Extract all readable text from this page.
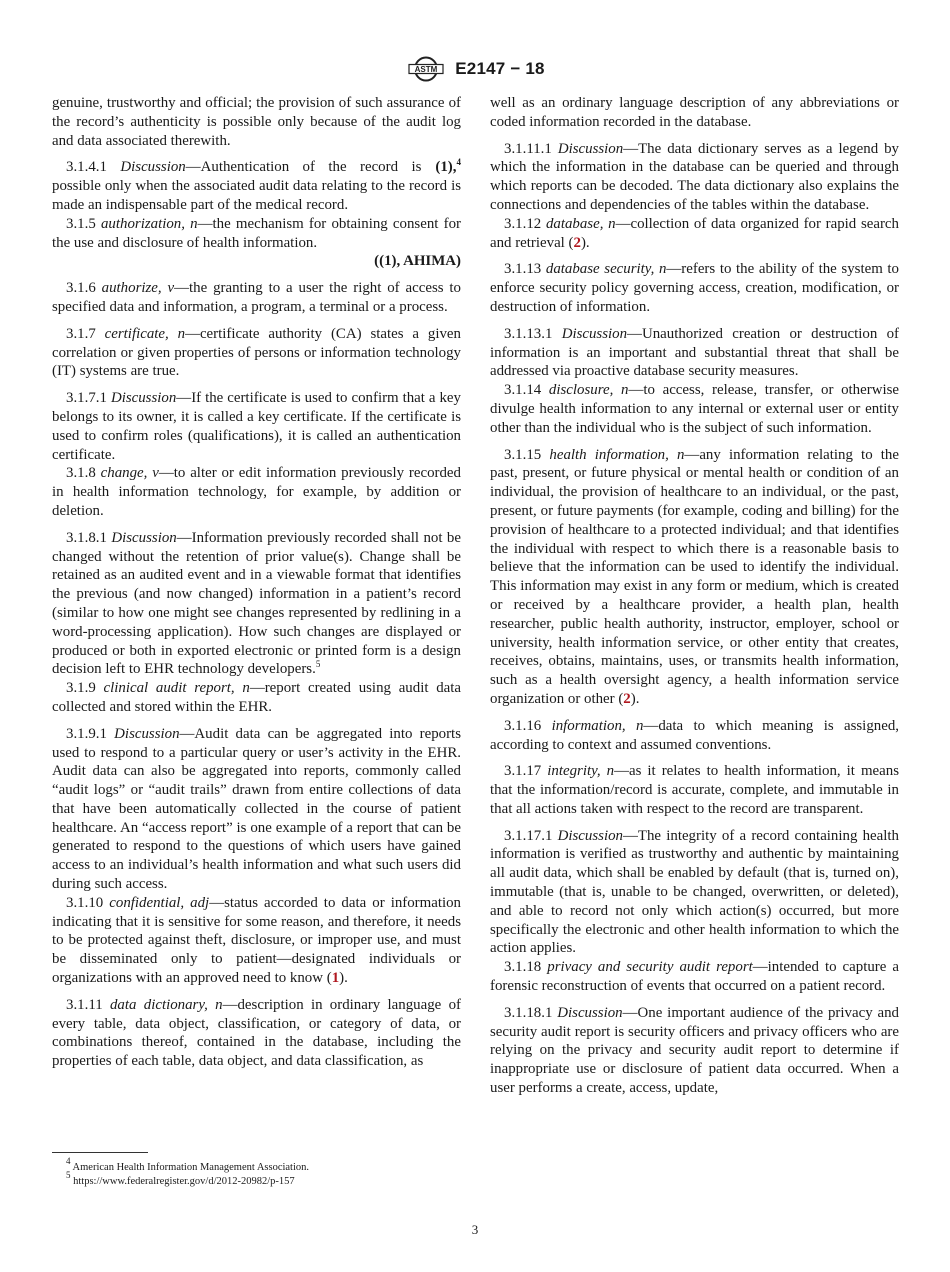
ASTM E2147 − 18

genuine, trustworthy and official; the provision of such assurance of the record’s authenticity is possible only because of the audit log and data associated therewith.

(1),$^4$
3.1.4.1 Discussion—Authentication of the record is possible only when the associated audit data relating to the record is made an indispensable part of the medical record.

3.1.5 authorization, n—the mechanism for obtaining consent for the use and disclosure of health information.

((1), AHIMA)

3.1.6 authorize, v—the granting to a user the right of access to specified data and information, a program, a terminal or a process.

3.1.7 certificate, n—certificate authority (CA) states a given correlation or given properties of persons or information technology (IT) systems are true.

3.1.7.1 Discussion—If the certificate is used to confirm that a key belongs to its owner, it is called a key certificate. If the certificate is used to confirm roles (qualifications), it is called an authentication certificate.

3.1.8 change, v—to alter or edit information previously recorded in health information technology, for example, by addition or deletion.

3.1.8.1 Discussion—Information previously recorded shall not be changed without the retention of prior value(s). Change shall be retained as an audited event and in a viewable format that identifies the previous (and now changed) information in a patient’s record (similar to how one might see changes represented by redlining in a word-processing application). How such changes are displayed or produced or both in exported electronic or printed form is a design decision left to EHR technology developers.$^5$

3.1.9 clinical audit report, n—report created using audit data collected and stored within the EHR.

3.1.9.1 Discussion—Audit data can be aggregated into reports used to respond to a particular query or user’s activity in the EHR. Audit data can also be aggregated into reports, commonly called “audit logs” or “audit trails” drawn from entire collections of data that have been automatically collected in the course of patient healthcare. An “access report” is one example of a report that can be generated to respond to the questions of which users have gained access to an individual’s health information and what such users did during such access.

3.1.10 confidential, adj—status accorded to data or information indicating that it is sensitive for some reason, and therefore, it needs to be protected against theft, disclosure, or improper use, and must be disseminated only to patient—designated individuals or organizations with an approved need to know (1).

3.1.11 data dictionary, n—description in ordinary language of every table, data object, classification, or category of data, or combinations thereof, contained in the database, including the properties of each table, data object, and data classification, as

well as an ordinary language description of any abbreviations or coded information recorded in the database.

3.1.11.1 Discussion—The data dictionary serves as a legend by which the information in the database can be queried and through which reports can be decoded. The data dictionary also explains the connections and dependencies of the tables within the database.

3.1.12 database, n—collection of data organized for rapid search and retrieval (2).

3.1.13 database security, n—refers to the ability of the system to enforce security policy governing access, creation, modification, or destruction of information.

3.1.13.1 Discussion—Unauthorized creation or destruction of information is an important and substantial threat that shall be addressed via proactive database security measures.

3.1.14 disclosure, n—to access, release, transfer, or otherwise divulge health information to any internal or external user or entity other than the individual who is the subject of such information.

3.1.15 health information, n—any information relating to the past, present, or future physical or mental health or condition of an individual, the provision of healthcare to an individual, or the past, present, or future payments (for example, coding and billing) for the provision of healthcare to a protected individual; and that identifies the individual with respect to which there is a reasonable basis to believe that the information can be used to identify the individual. This information may exist in any form or medium, which is created or received by a healthcare provider, a health plan, health researcher, public health authority, instructor, employer, school or university, health information service, or other entity that creates, receives, obtains, maintains, uses, or transmits health information, such as a health oversight agency, a health information service organization or other (2).

3.1.16 information, n—data to which meaning is assigned, according to context and assumed conventions.

3.1.17 integrity, n—as it relates to health information, it means that the information/record is accurate, complete, and immutable in that all actions taken with respect to the record are transparent.

3.1.17.1 Discussion—The integrity of a record containing health information is verified as trustworthy and authentic by maintaining all audit data, which shall be enabled by default (that is, turned on), immutable (that is, unable to be changed, overwritten, or deleted), and able to record not only which action(s) occurred, but more specifically the electronic and other health information to which the action applies.

3.1.18 privacy and security audit report—intended to capture a forensic reconstruction of events that occurred on a patient record.

3.1.18.1 Discussion—One important audience of the privacy and security audit report is security officers and privacy officers who are relying on the privacy and security audit report to determine if inappropriate use or disclosure of patient data occurred. When a user performs a create, access, update,

$^4$ American Health Information Management Association.
$^5$ https://www.federalregister.gov/d/2012-20982/p-157
3
